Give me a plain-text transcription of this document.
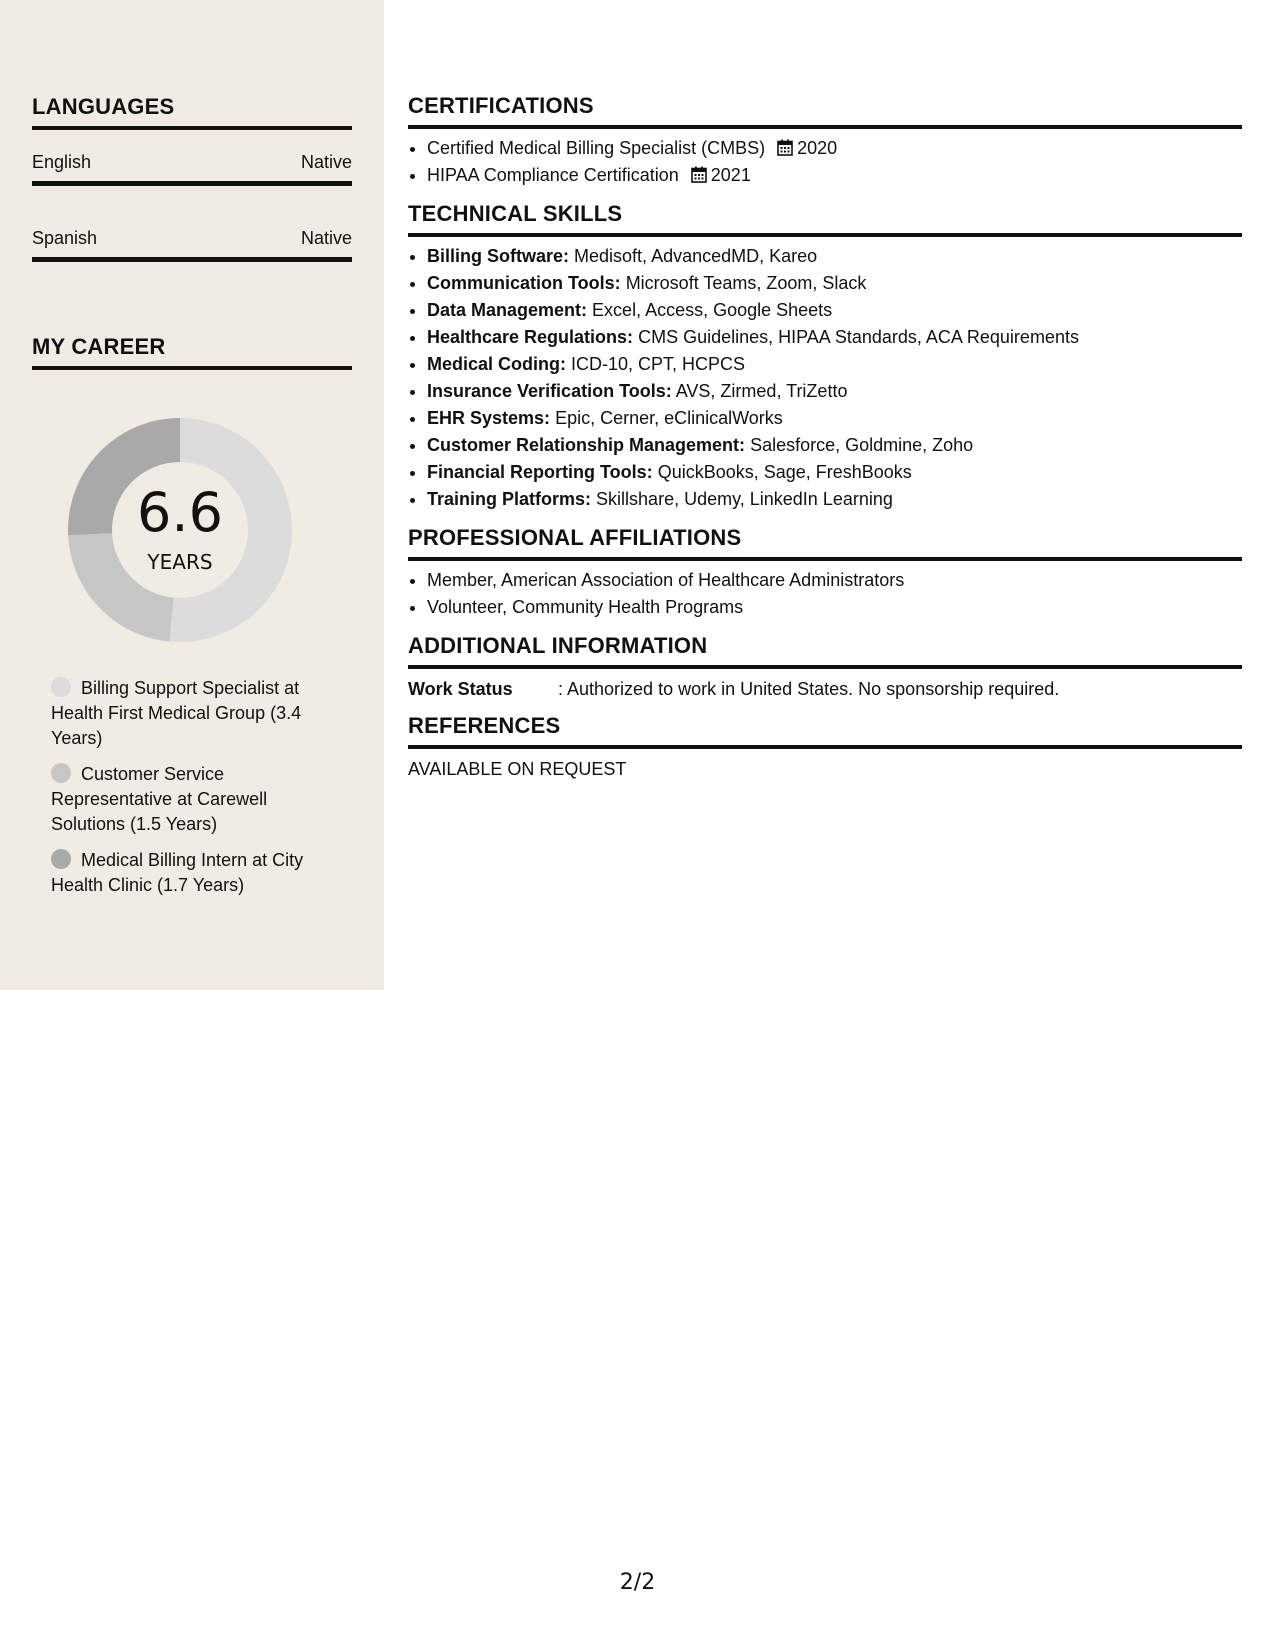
LANGUAGES
English	Native
Spanish	Native
MY CAREER
6.6
YEARS
Billing Support Specialist at Health First Medical Group (3.4 Years)
Customer Service Representative at Carewell Solutions (1.5 Years)
Medical Billing Intern at City Health Clinic (1.7 Years)
CERTIFICATIONS
• Certified Medical Billing Specialist (CMBS) 2020
• HIPAA Compliance Certification 2021
TECHNICAL SKILLS
• Billing Software: Medisoft, AdvancedMD, Kareo
• Communication Tools: Microsoft Teams, Zoom, Slack
• Data Management: Excel, Access, Google Sheets
• Healthcare Regulations: CMS Guidelines, HIPAA Standards, ACA Requirements
• Medical Coding: ICD-10, CPT, HCPCS
• Insurance Verification Tools: AVS, Zirmed, TriZetto
• EHR Systems: Epic, Cerner, eClinicalWorks
• Customer Relationship Management: Salesforce, Goldmine, Zoho
• Financial Reporting Tools: QuickBooks, Sage, FreshBooks
• Training Platforms: Skillshare, Udemy, LinkedIn Learning
PROFESSIONAL AFFILIATIONS
• Member, American Association of Healthcare Administrators
• Volunteer, Community Health Programs
ADDITIONAL INFORMATION
Work Status	: Authorized to work in United States. No sponsorship required.
REFERENCES
AVAILABLE ON REQUEST
2/2
